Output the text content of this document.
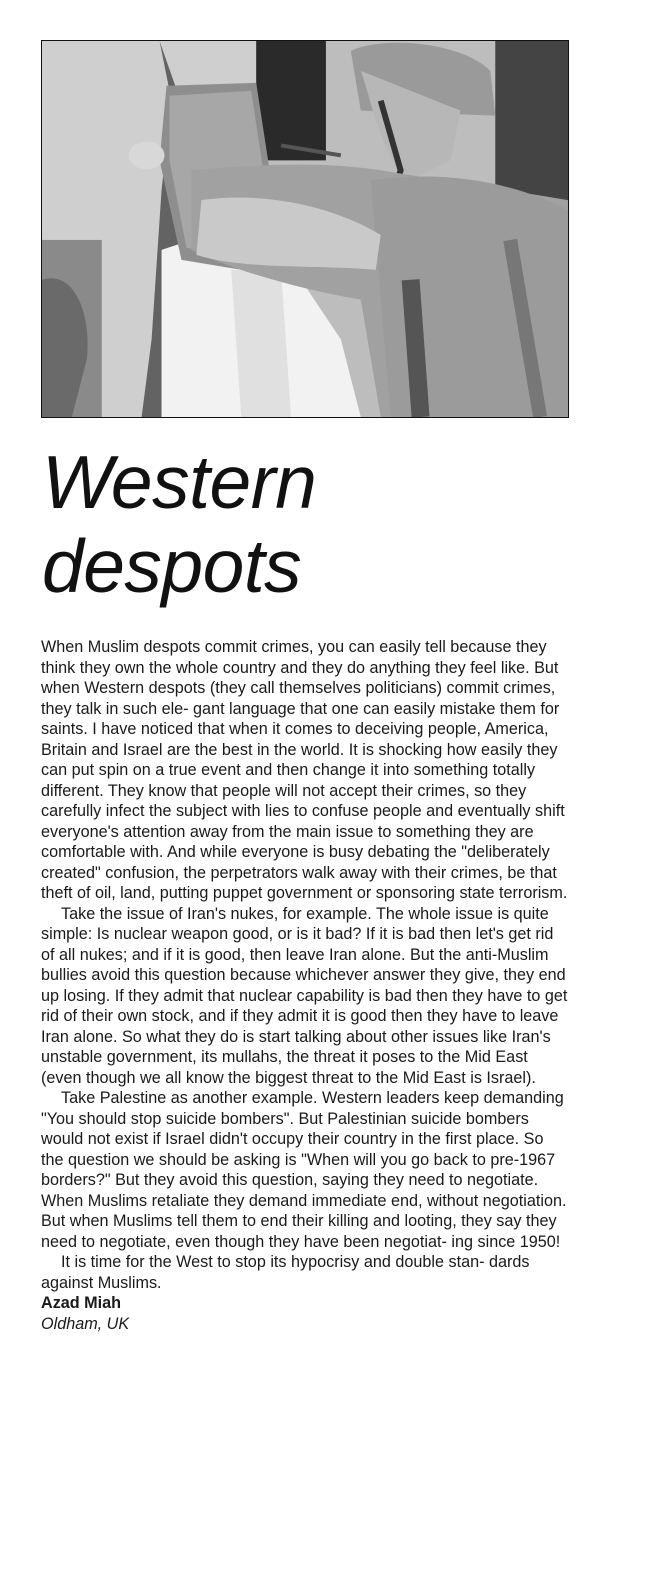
Western
despots

When Muslim despots commit crimes, you can easily tell because they think they own the whole country and they do anything they feel like. But when Western despots (they call themselves politicians) commit crimes, they talk in such ele- gant language that one can easily mistake them for saints. I have noticed that when it comes to deceiving people, America, Britain and Israel are the best in the world. It is shocking how easily they can put spin on a true event and then change it into something totally different. They know that people will not accept their crimes, so they carefully infect the subject with lies to confuse people and eventually shift everyone's attention away from the main issue to something they are comfortable with. And while everyone is busy debating the "deliberately created" confusion, the perpetrators walk away with their crimes, be that theft of oil, land, putting puppet government or sponsoring state terrorism.

Take the issue of Iran's nukes, for example. The whole issue is quite simple: Is nuclear weapon good, or is it bad? If it is bad then let's get rid of all nukes; and if it is good, then leave Iran alone. But the anti-Muslim bullies avoid this question because whichever answer they give, they end up losing. If they admit that nuclear capability is bad then they have to get rid of their own stock, and if they admit it is good then they have to leave Iran alone. So what they do is start talking about other issues like Iran's unstable government, its mullahs, the threat it poses to the Mid East (even though we all know the biggest threat to the Mid East is Israel).

Take Palestine as another example. Western leaders keep demanding "You should stop suicide bombers". But Palestinian suicide bombers would not exist if Israel didn't occupy their country in the first place. So the question we should be asking is "When will you go back to pre-1967 borders?" But they avoid this question, saying they need to negotiate. When Muslims retaliate they demand immediate end, without negotiation. But when Muslims tell them to end their killing and looting, they say they need to negotiate, even though they have been negotiat- ing since 1950!

It is time for the West to stop its hypocrisy and double stan- dards against Muslims.

Azad Miah

Oldham, UK
